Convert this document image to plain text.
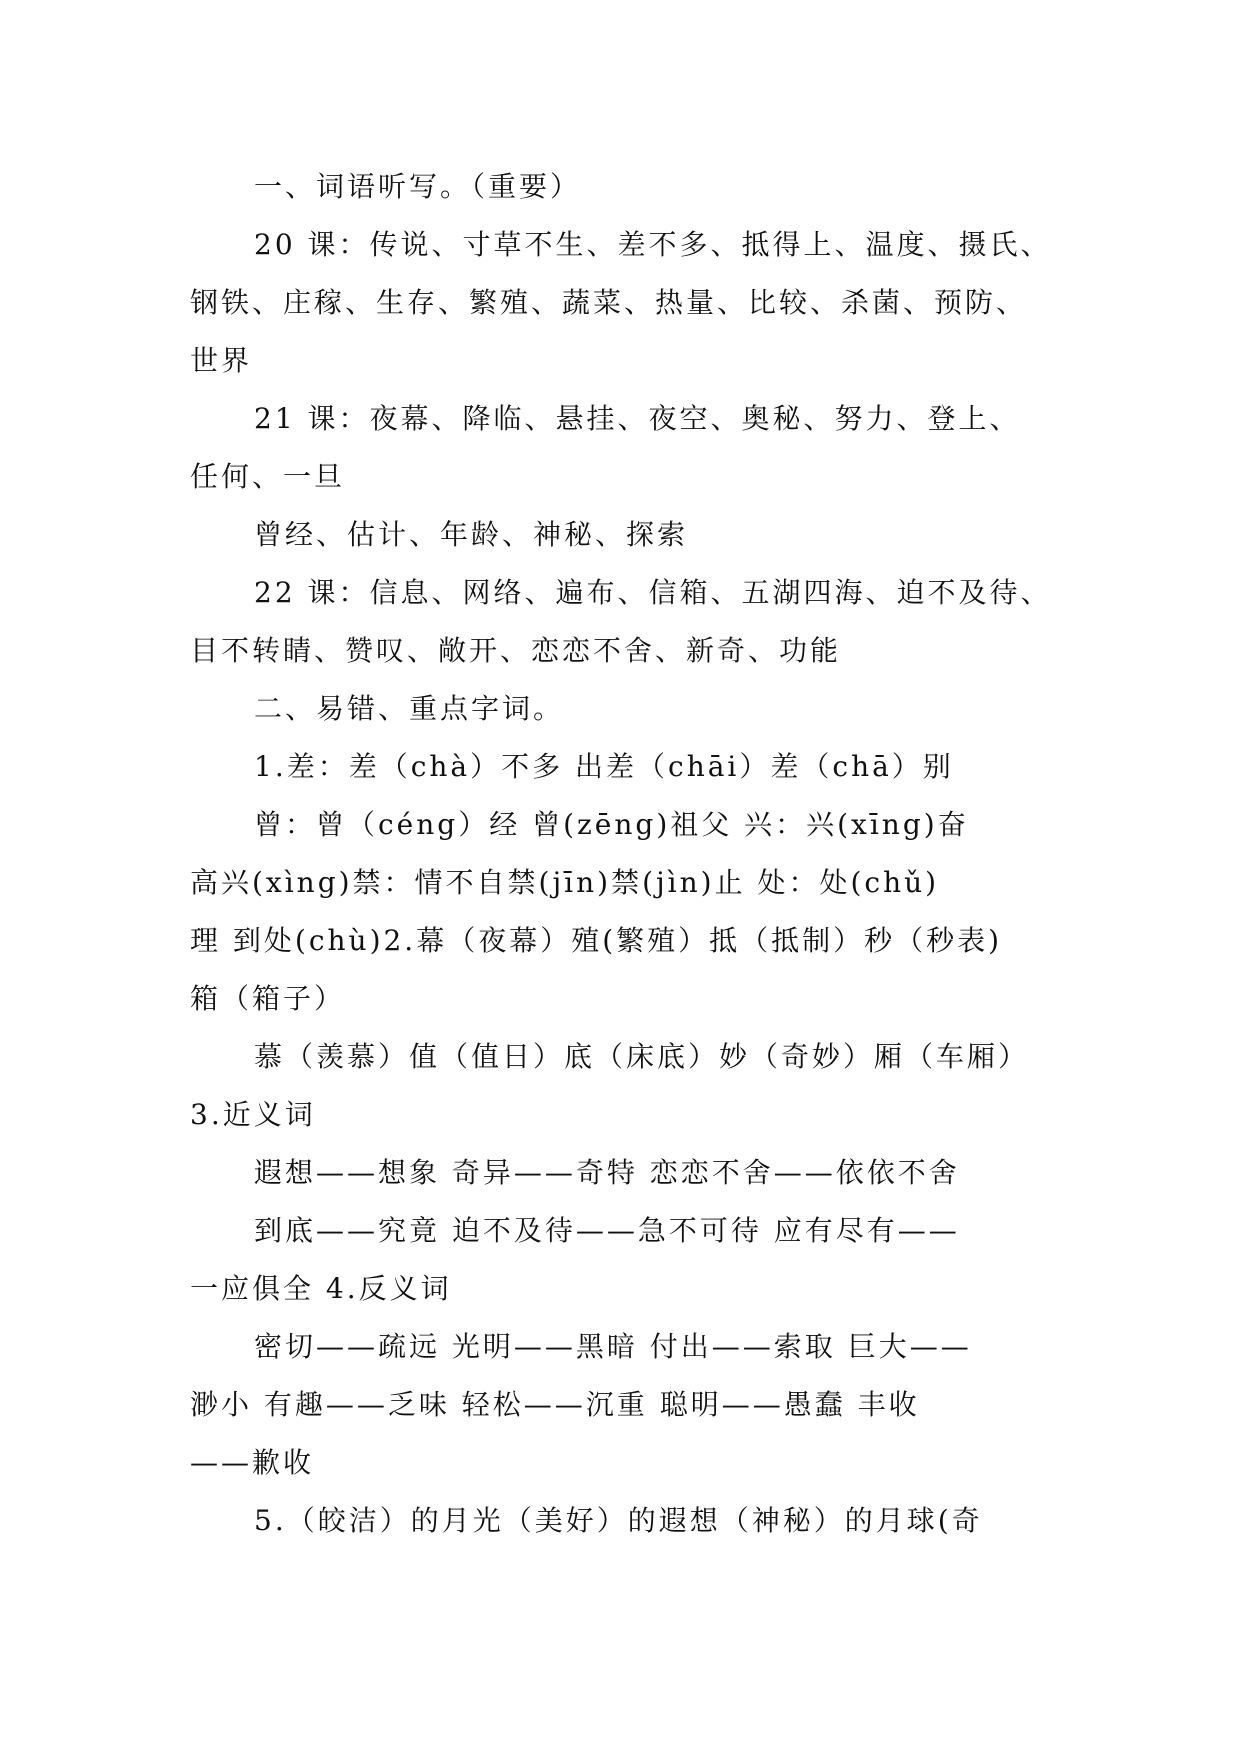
一、词语听写。（重要）
20 课：传说、寸草不生、差不多、抵得上、温度、摄氏、
钢铁、庄稼、生存、繁殖、蔬菜、热量、比较、杀菌、预防、
世界
21 课：夜幕、降临、悬挂、夜空、奥秘、努力、登上、
任何、一旦
曾经、估计、年龄、神秘、探索
22 课：信息、网络、遍布、信箱、五湖四海、迫不及待、
目不转睛、赞叹、敞开、恋恋不舍、新奇、功能
二、易错、重点字词。
1.差：差（chà）不多 出差（chāi）差（chā）别
曾：曾（céng）经 曾(zēng)祖父 兴：兴(xīng)奋
高兴(xìng)禁：情不自禁(jīn)禁(jìn)止 处：处(chǔ)
理 到处(chù)2.幕（夜幕）殖(繁殖）抵（抵制）秒（秒表)
箱（箱子）
慕（羡慕）值（值日）底（床底）妙（奇妙）厢（车厢）
3.近义词
遐想——想象 奇异——奇特 恋恋不舍——依依不舍
到底——究竟 迫不及待——急不可待 应有尽有——
一应俱全 4.反义词
密切——疏远 光明——黑暗 付出——索取 巨大——
渺小 有趣——乏味 轻松——沉重 聪明——愚蠢 丰收
——歉收
5.（皎洁）的月光（美好）的遐想（神秘）的月球(奇
